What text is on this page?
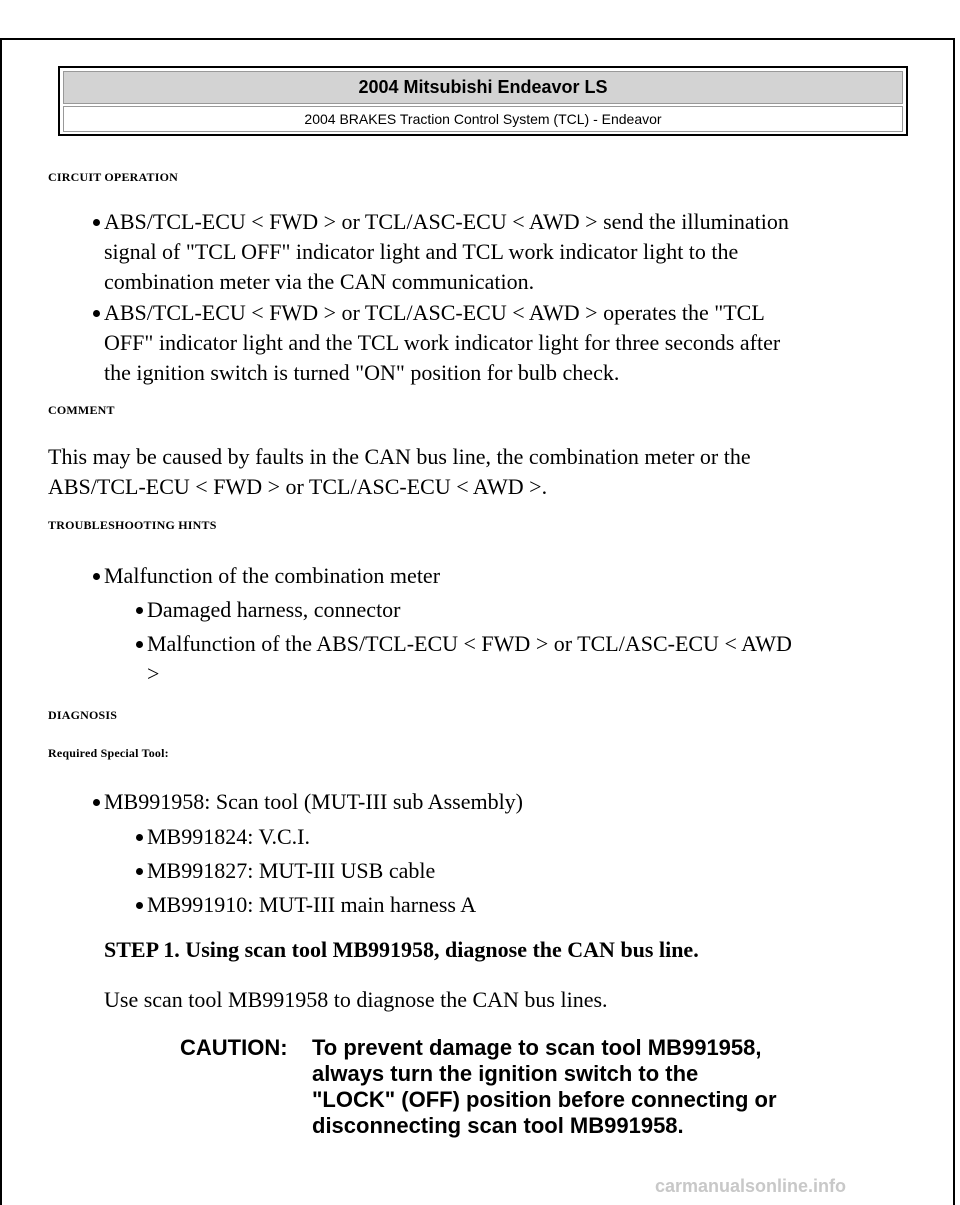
2004 Mitsubishi Endeavor LS
2004 BRAKES Traction Control System (TCL) - Endeavor
CIRCUIT OPERATION
ABS/TCL-ECU < FWD > or TCL/ASC-ECU < AWD > send the illumination
signal of "TCL OFF" indicator light and TCL work indicator light to the
combination meter via the CAN communication.
ABS/TCL-ECU < FWD > or TCL/ASC-ECU < AWD > operates the "TCL
OFF" indicator light and the TCL work indicator light for three seconds after
the ignition switch is turned "ON" position for bulb check.
COMMENT
This may be caused by faults in the CAN bus line, the combination meter or the
ABS/TCL-ECU < FWD > or TCL/ASC-ECU < AWD >.
TROUBLESHOOTING HINTS
Malfunction of the combination meter
Damaged harness, connector
Malfunction of the ABS/TCL-ECU < FWD > or TCL/ASC-ECU < AWD
>
DIAGNOSIS
Required Special Tool:
MB991958: Scan tool (MUT-III sub Assembly)
MB991824: V.C.I.
MB991827: MUT-III USB cable
MB991910: MUT-III main harness A
STEP 1. Using scan tool MB991958, diagnose the CAN bus line.
Use scan tool MB991958 to diagnose the CAN bus lines.
CAUTION: To prevent damage to scan tool MB991958,
always turn the ignition switch to the
"LOCK" (OFF) position before connecting or
disconnecting scan tool MB991958.
carmanualsonline.info
